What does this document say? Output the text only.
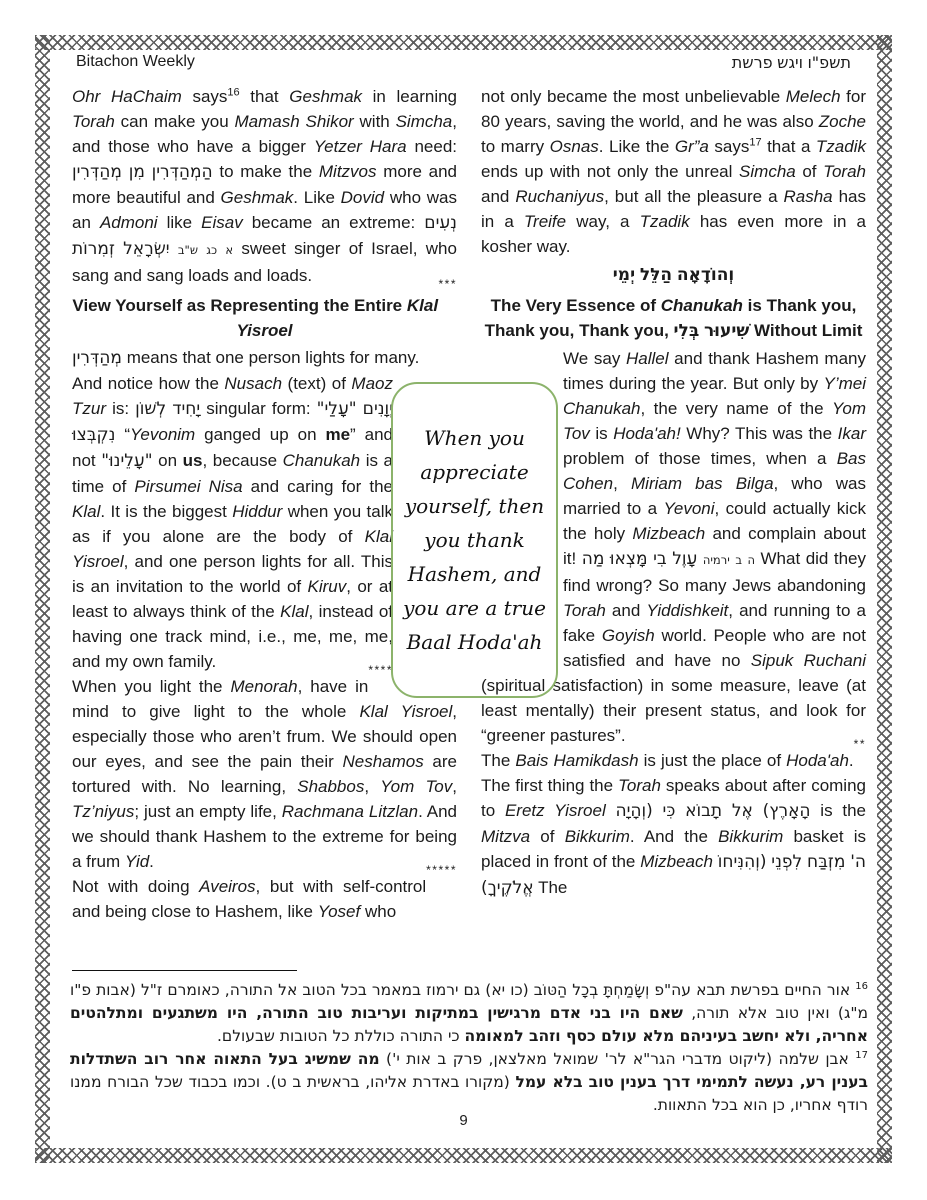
Bitachon Weekly	פרשת ויגש תשפ"ו

Ohr HaChaim says$^{16}$ that Geshmak in learning Torah can make you Mamash Shikor with Simcha, and those who have a bigger Yetzer Hara need: מְהַדְּרִין מִן הַמְהַדְּרִין to make the Mitzvos more and more beautiful and Geshmak. Like Dovid who was an Admoni like Eisav became an extreme: נְעִים זְמִרוֹת יִשְׂרָאֵל ש"ב כג א sweet singer of Israel, who sang and sang loads and loads.	***

View Yourself as Representing the Entire Klal Yisroel

מְהַדְּרִין means that one person lights for many.

And notice how the Nusach (text) of Maoz Tzur is: לְשׁוֹן יָחִיד singular form: "עָלַי" יְוָנִים נִקְבְּצוּ “Yevonim ganged up on me” and not "עָלֵינוּ" on us, because Chanukah is a time of Pirsumei Nisa and caring for the Klal. It is the biggest Hiddur when you talk as if you alone are the body of Klal Yisroel, and one person lights for all. This is an invitation to the world of Kiruv, or at least to always think of the Klal, instead of having one track mind, i.e., me, me, me, and my own family.	****

When you light the Menorah, have in mind to give light to the whole Klal Yisroel, especially those who aren’t frum. We should open our eyes, and see the pain their Neshamos are tortured with. No learning, Shabbos, Yom Tov, Tz’niyus; just an empty life, Rachmana Litzlan. And we should thank Hashem to the extreme for being a frum Yid.	*****

Not with doing Aveiros, but with self-control and being close to Hashem, like Yosef who

not only became the most unbelievable Melech for 80 years, saving the world, and he was also Zoche to marry Osnas. Like the Gr”a says$^{17}$ that a Tzadik ends up with not only the unreal Simcha of Torah and Ruchaniyus, but all the pleasure a Rasha has in a Treife way, a Tzadik has even more in a kosher way.

יְמֵי הַלֵּל וְהוֹדָאָה
The Very Essence of Chanukah is Thank you, Thank you, Thank you, בְּלִי שִׁיעוּר Without Limit

We say Hallel and thank Hashem many times during the year. But only by Y’mei Chanukah, the very name of the Yom Tov is Hoda'ah! Why? This was the Ikar problem of those times, when a Bas Cohen, Miriam bas Bilga, who was married to a Yevoni, could actually kick the holy Mizbeach and complain about it! מַה מָּצְאוּ בִי עָוֶל ירמיה ב ה What did they find wrong? So many Jews abandoning Torah and Yiddishkeit, and running to a fake Goyish world. People who are not satisfied and have no Sipuk Ruchani (spiritual satisfaction) in some measure, leave (at least mentally) their present status, and look for “greener pastures”.	**

The Bais Hamikdash is just the place of Hoda'ah. The first thing the Torah speaks about after coming to Eretz Yisroel (וְהָיָה כִּי תָבוֹא אֶל הָאָרֶץ) is the Mitzva of Bikkurim. And the Bikkurim basket is placed in front of the Mizbeach (וְהִנִּיחוֹ לִפְנֵי מִזְבַּח ה' אֱלֹקֶיךָ) The

When you appreciate yourself, then you thank Hashem, and you are a true Baal Hoda'ah

$^{16}$ אור החיים בפרשת תבא עה"פ וְשָׂמַחְתָּ בְכָל הַטּוֹב (כו יא) גם ירמוז במאמר בכל הטוב אל התורה, כאומרם ז"ל (אבות פ"ו מ"ג) ואין טוב אלא תורה, שאם היו בני אדם מרגישין במתיקות ועריבות טוב התורה, היו משתגעים ומתלהטים אחריה, ולא יחשב בעיניהם מלא עולם כסף וזהב למאומה כי התורה כוללת כל הטובות שבעולם.

$^{17}$ אבן שלמה (ליקוט מדברי הגר"א לר' שמואל מאלצאן, פרק ב אות י') מה שמשיג בעל התאוה אחר רוב השתדלות בענין רע, נעשה לתמימי דרך בענין טוב בלא עמל (מקורו באדרת אליהו, בראשית ב ט). וכמו בכבוד שכל הבורח ממנו רודף אחריו, כן הוא בכל התאוות.

9
